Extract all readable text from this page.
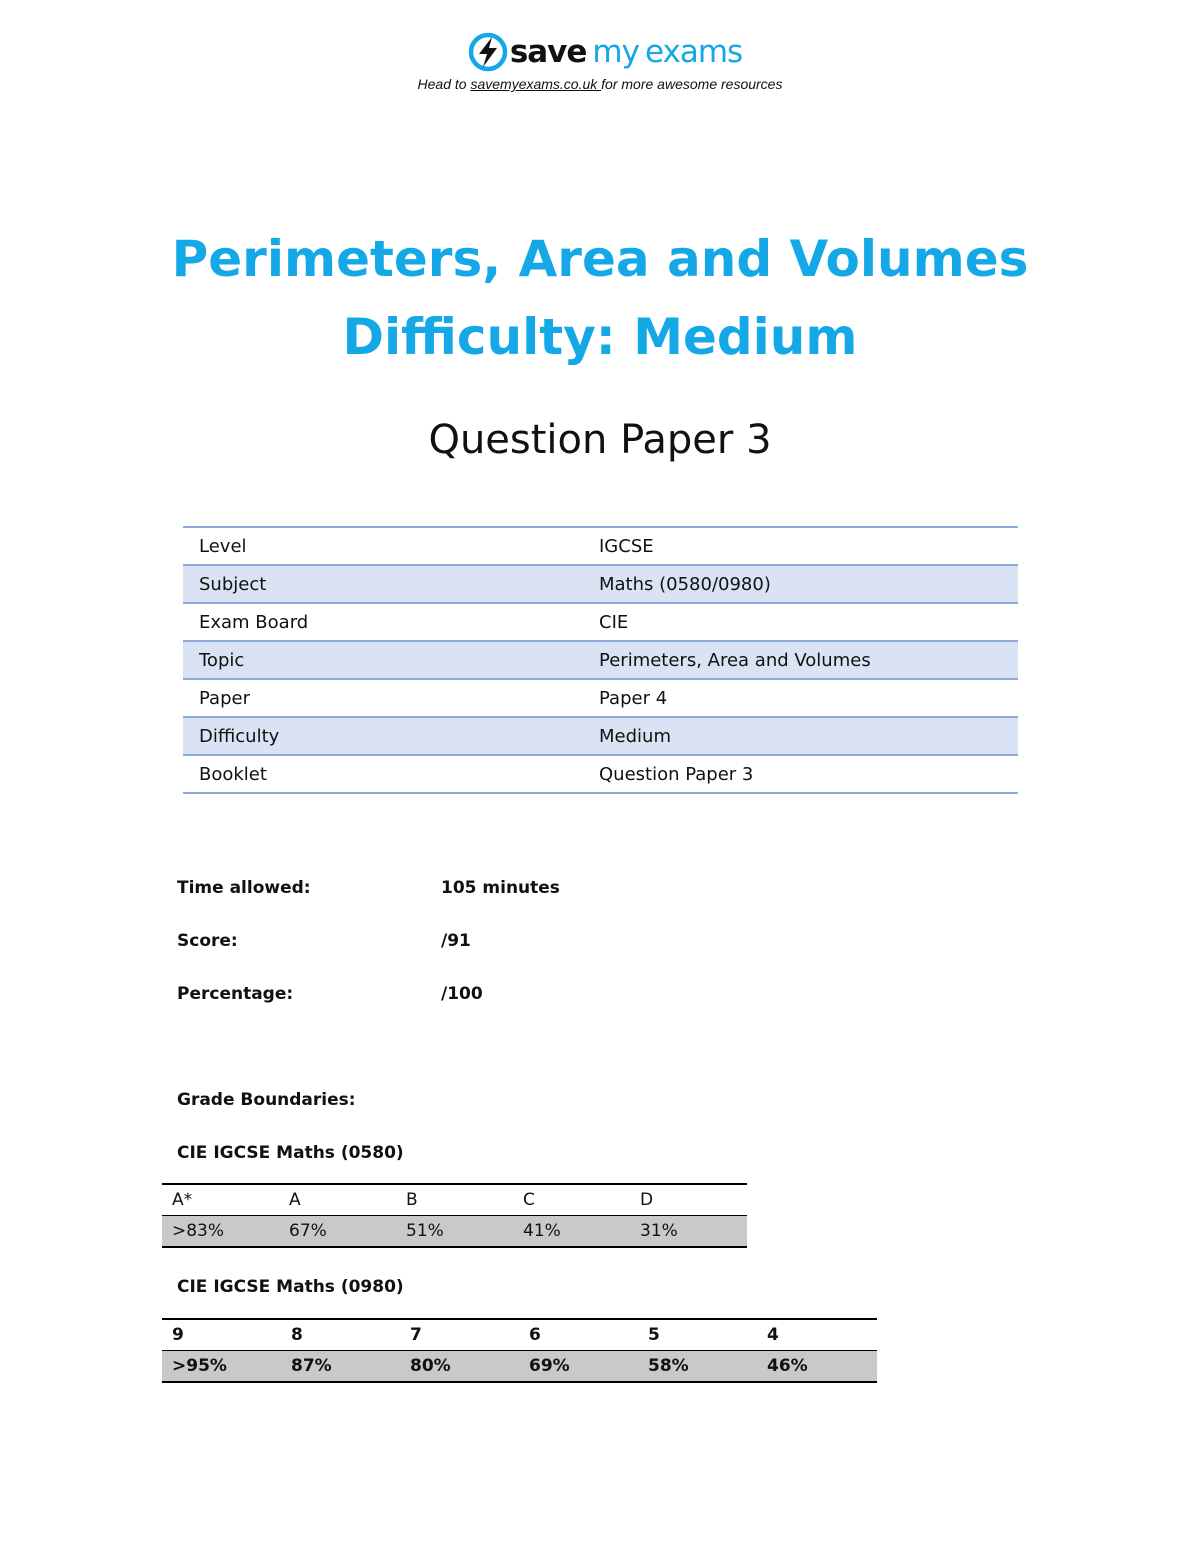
save my exams
Head to savemyexams.co.uk for more awesome resources
Perimeters, Area and Volumes
Difficulty: Medium
Question Paper 3
Level	IGCSE
Subject	Maths (0580/0980)
Exam Board	CIE
Topic	Perimeters, Area and Volumes
Paper	Paper 4
Difficulty	Medium
Booklet	Question Paper 3
Time allowed:	105 minutes
Score:	/91
Percentage:	/100
Grade Boundaries:
CIE IGCSE Maths (0580)
A*	A	B	C	D
>83%	67%	51%	41%	31%
CIE IGCSE Maths (0980)
9	8	7	6	5	4
>95%	87%	80%	69%	58%	46%
